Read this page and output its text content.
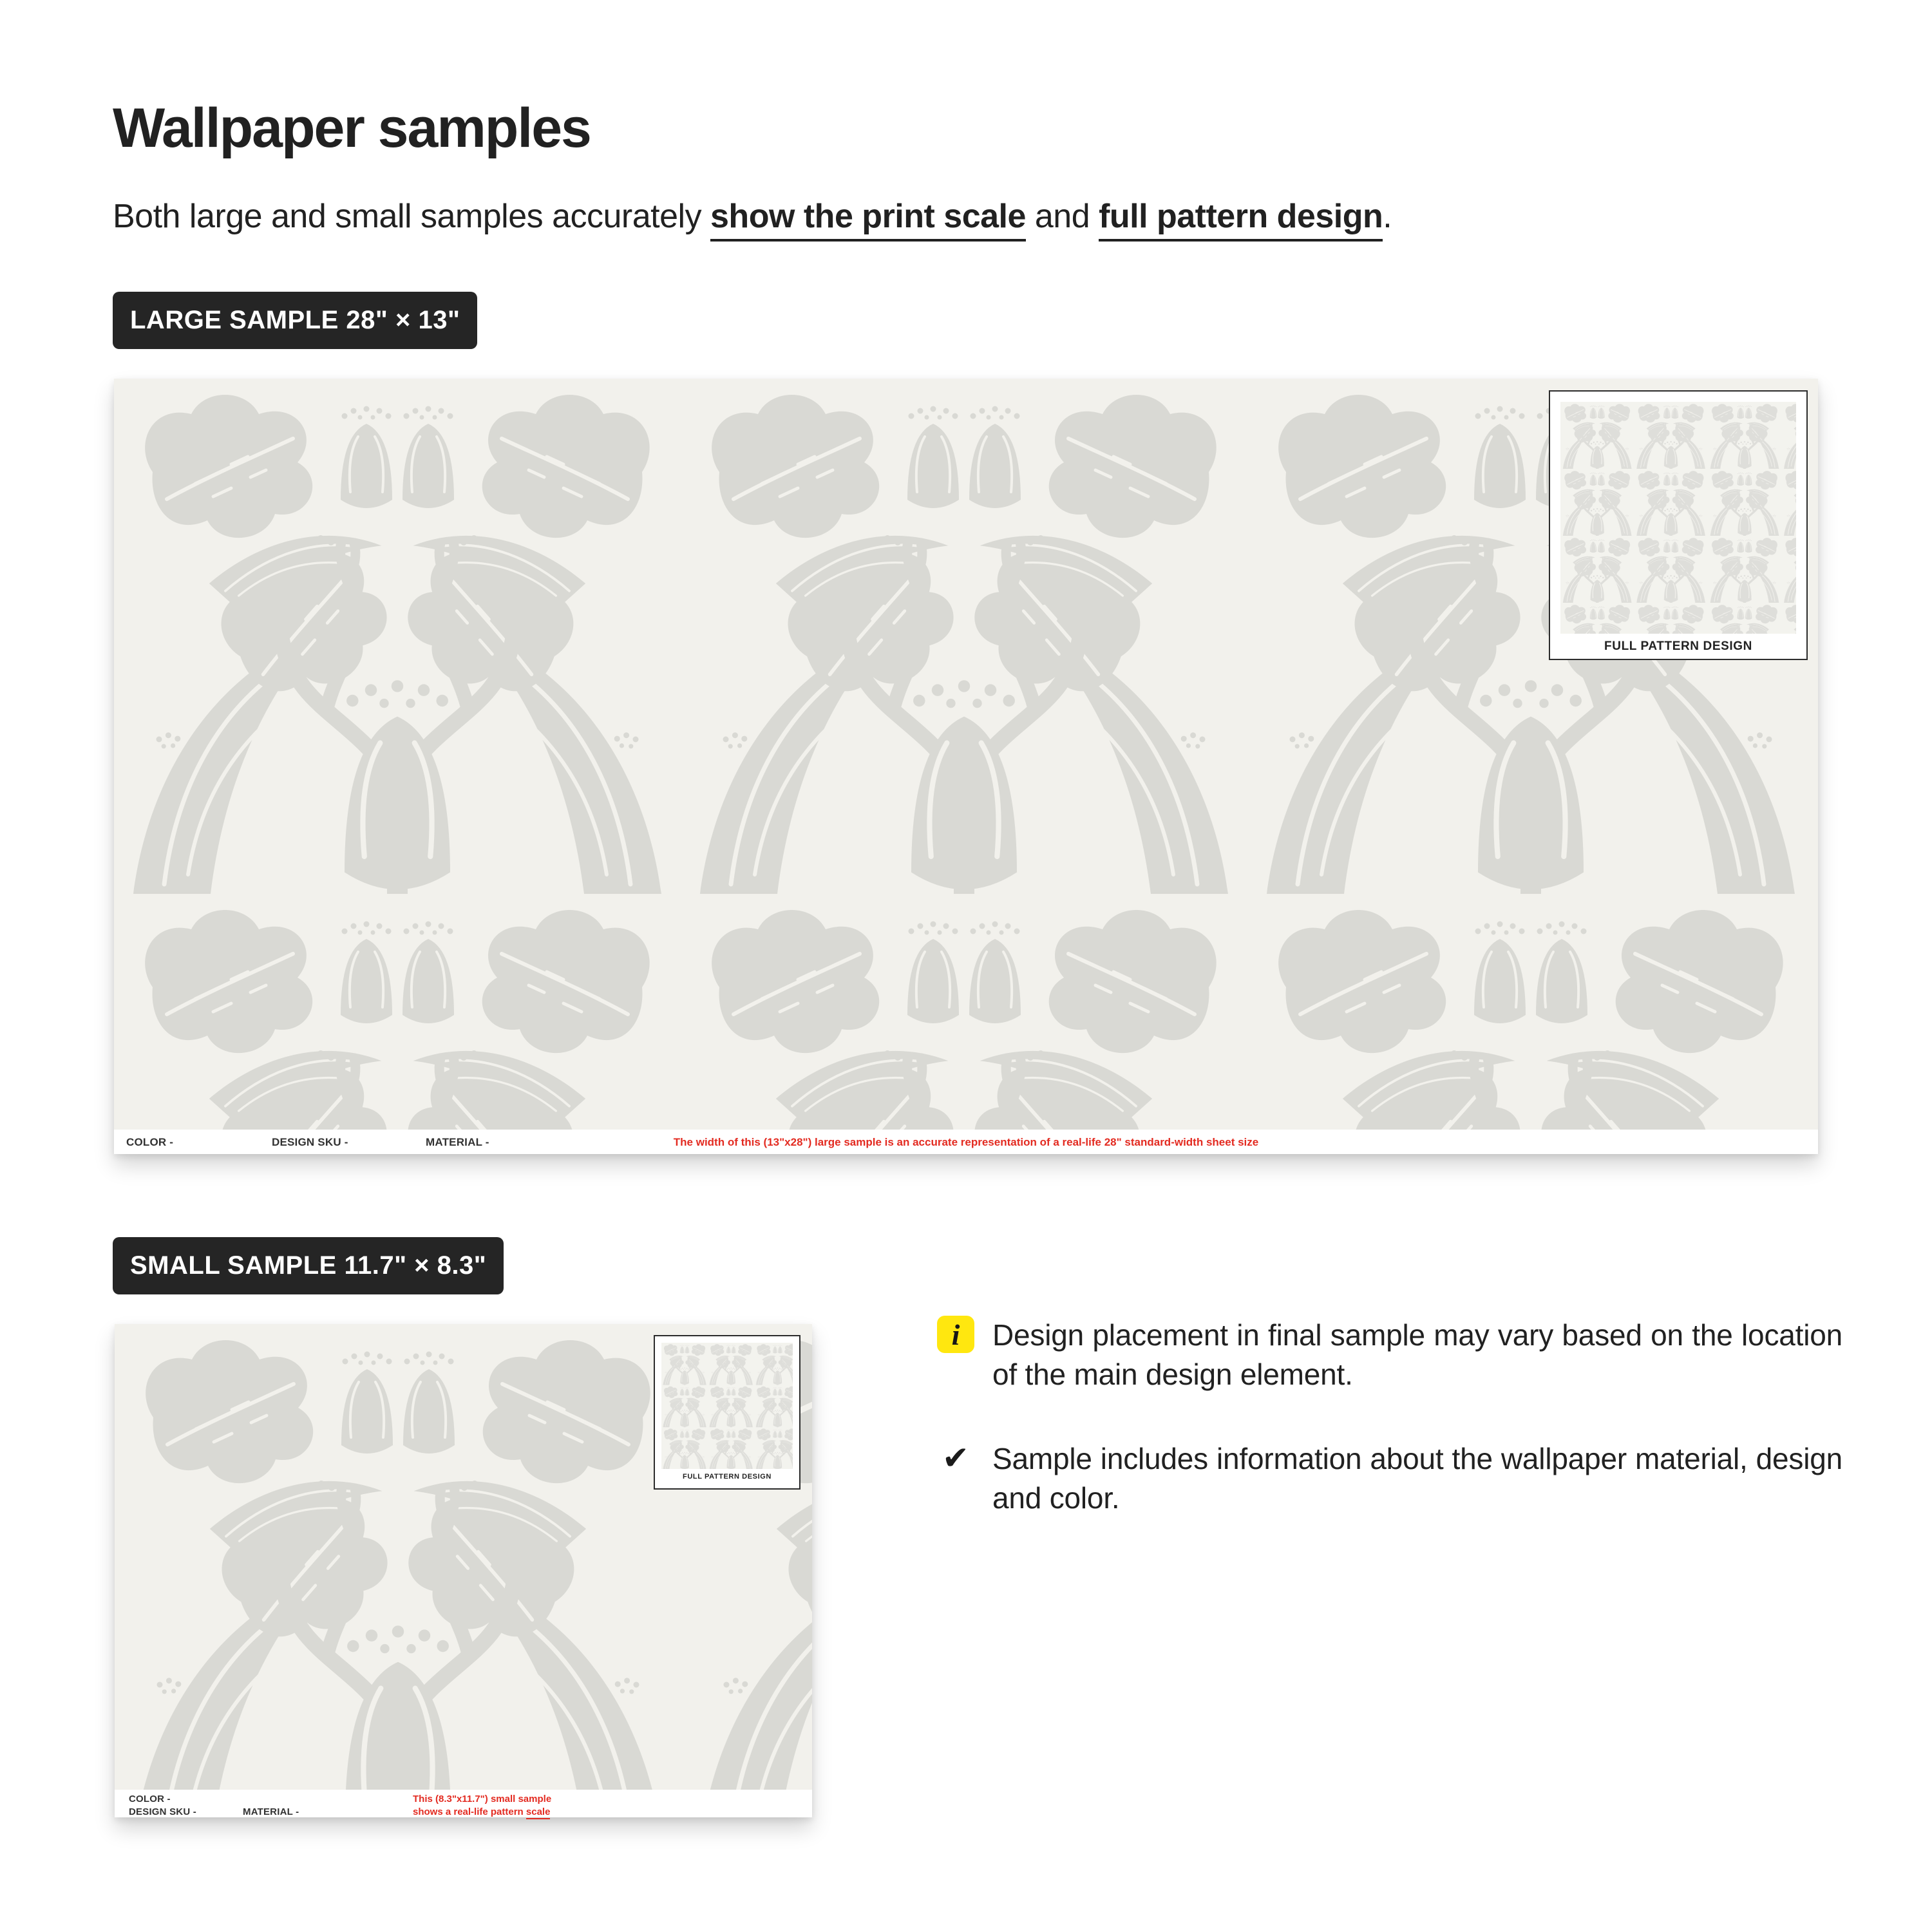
Wallpaper samples

Both large and small samples accurately show the print scale and full pattern design.

LARGE SAMPLE 28" × 13"
FULL PATTERN DESIGN
COLOR -	DESIGN SKU -	MATERIAL -	The width of this (13"x28") large sample is an accurate representation of a real-life 28" standard-width sheet size
SMALL SAMPLE 11.7" × 8.3"
FULL PATTERN DESIGN
COLOR -
DESIGN SKU -	MATERIAL -
This (8.3"x11.7") small sample
shows a real-life pattern scale
i	Design placement in final sample may vary based on the location of the main design element.

✔ Sample includes information about the wallpaper material, design and color.
